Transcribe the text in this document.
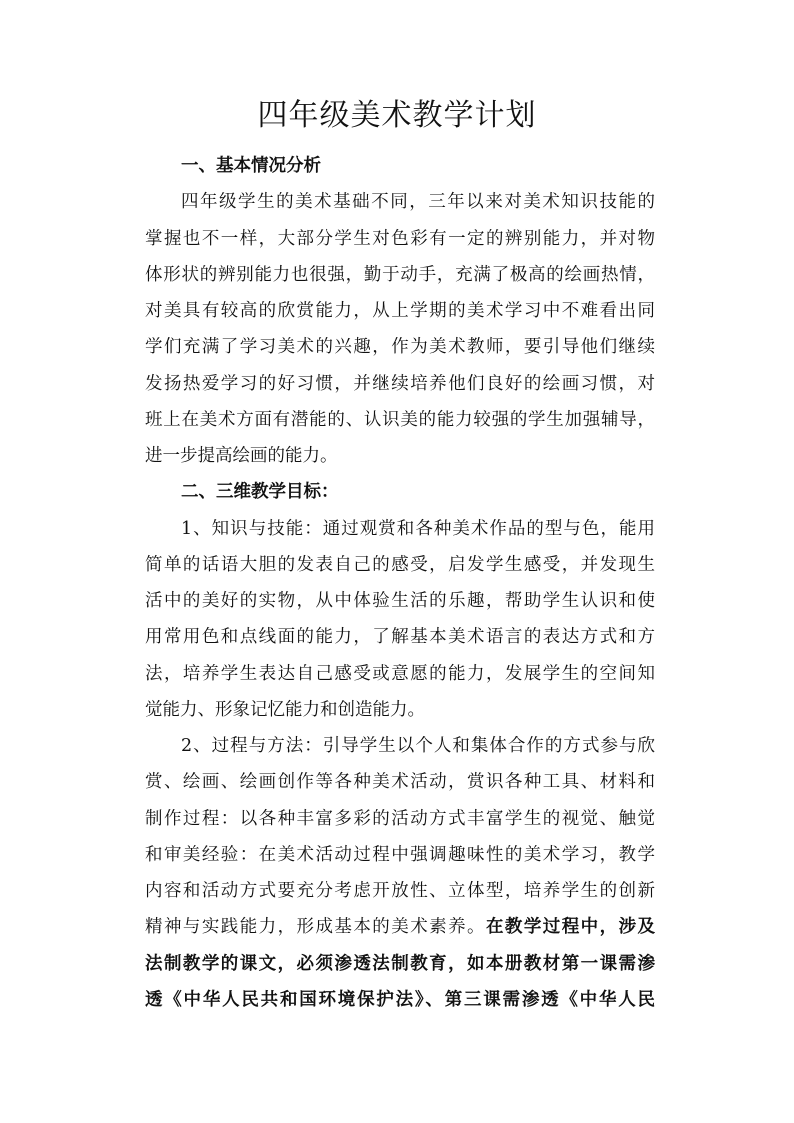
四年级美术教学计划
一、基本情况分析
四年级学生的美术基础不同，三年以来对美术知识技能的
掌握也不一样，大部分学生对色彩有一定的辨别能力，并对物
体形状的辨别能力也很强，勤于动手，充满了极高的绘画热情，
对美具有较高的欣赏能力，从上学期的美术学习中不难看出同
学们充满了学习美术的兴趣，作为美术教师，要引导他们继续
发扬热爱学习的好习惯，并继续培养他们良好的绘画习惯，对
班上在美术方面有潜能的、认识美的能力较强的学生加强辅导，
进一步提高绘画的能力。
二、三维教学目标：
1、知识与技能：通过观赏和各种美术作品的型与色，能用
简单的话语大胆的发表自己的感受，启发学生感受，并发现生
活中的美好的实物，从中体验生活的乐趣，帮助学生认识和使
用常用色和点线面的能力，了解基本美术语言的表达方式和方
法，培养学生表达自己感受或意愿的能力，发展学生的空间知
觉能力、形象记忆能力和创造能力。
2、过程与方法：引导学生以个人和集体合作的方式参与欣
赏、绘画、绘画创作等各种美术活动，赏识各种工具、材料和
制作过程：以各种丰富多彩的活动方式丰富学生的视觉、触觉
和审美经验：在美术活动过程中强调趣味性的美术学习，教学
内容和活动方式要充分考虑开放性、立体型，培养学生的创新
精神与实践能力，形成基本的美术素养。在教学过程中，涉及
法制教学的课文，必须渗透法制教育，如本册教材第一课需渗
透《中华人民共和国环境保护法》、第三课需渗透《中华人民
